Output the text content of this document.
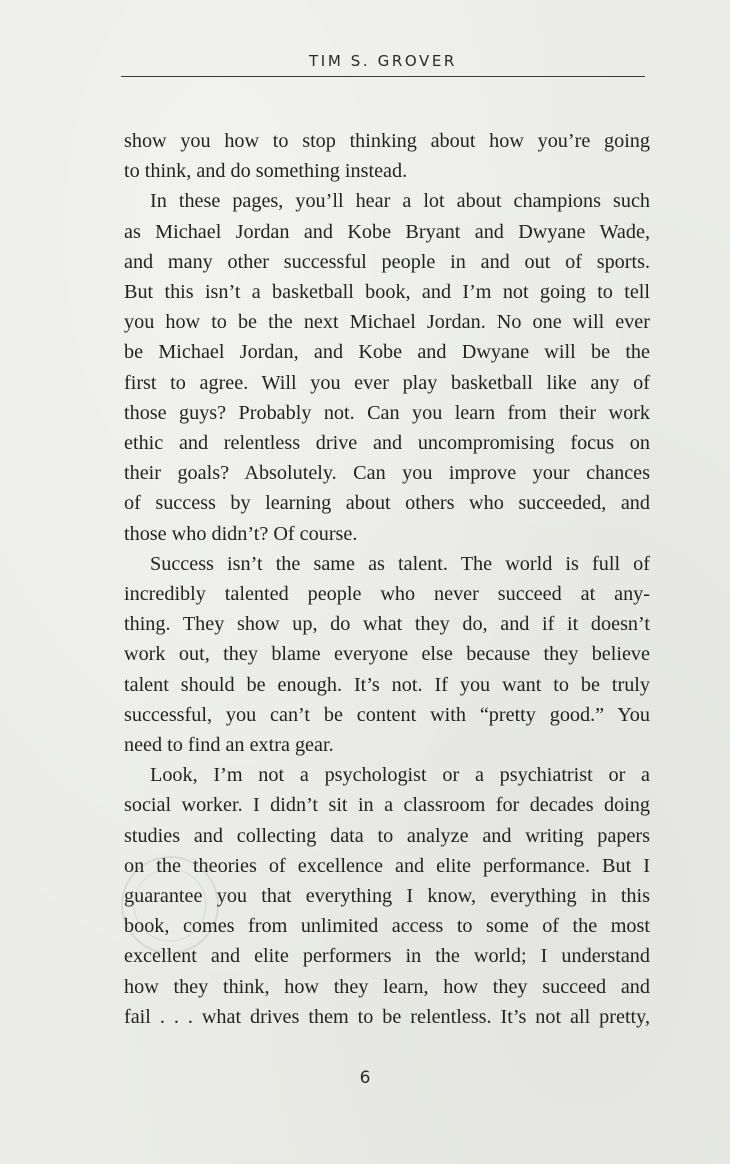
TIM S. GROVER
show you how to stop thinking about how you’re going
to think, and do something instead.
In these pages, you’ll hear a lot about champions such
as Michael Jordan and Kobe Bryant and Dwyane Wade,
and many other successful people in and out of sports.
But this isn’t a basketball book, and I’m not going to tell
you how to be the next Michael Jordan. No one will ever
be Michael Jordan, and Kobe and Dwyane will be the
first to agree. Will you ever play basketball like any of
those guys? Probably not. Can you learn from their work
ethic and relentless drive and uncompromising focus on
their goals? Absolutely. Can you improve your chances
of success by learning about others who succeeded, and
those who didn’t? Of course.
Success isn’t the same as talent. The world is full of
incredibly talented people who never succeed at any-
thing. They show up, do what they do, and if it doesn’t
work out, they blame everyone else because they believe
talent should be enough. It’s not. If you want to be truly
successful, you can’t be content with “pretty good.” You
need to find an extra gear.
Look, I’m not a psychologist or a psychiatrist or a
social worker. I didn’t sit in a classroom for decades doing
studies and collecting data to analyze and writing papers
on the theories of excellence and elite performance. But I
guarantee you that everything I know, everything in this
book, comes from unlimited access to some of the most
excellent and elite performers in the world; I understand
how they think, how they learn, how they succeed and
fail . . . what drives them to be relentless. It’s not all pretty,
6
